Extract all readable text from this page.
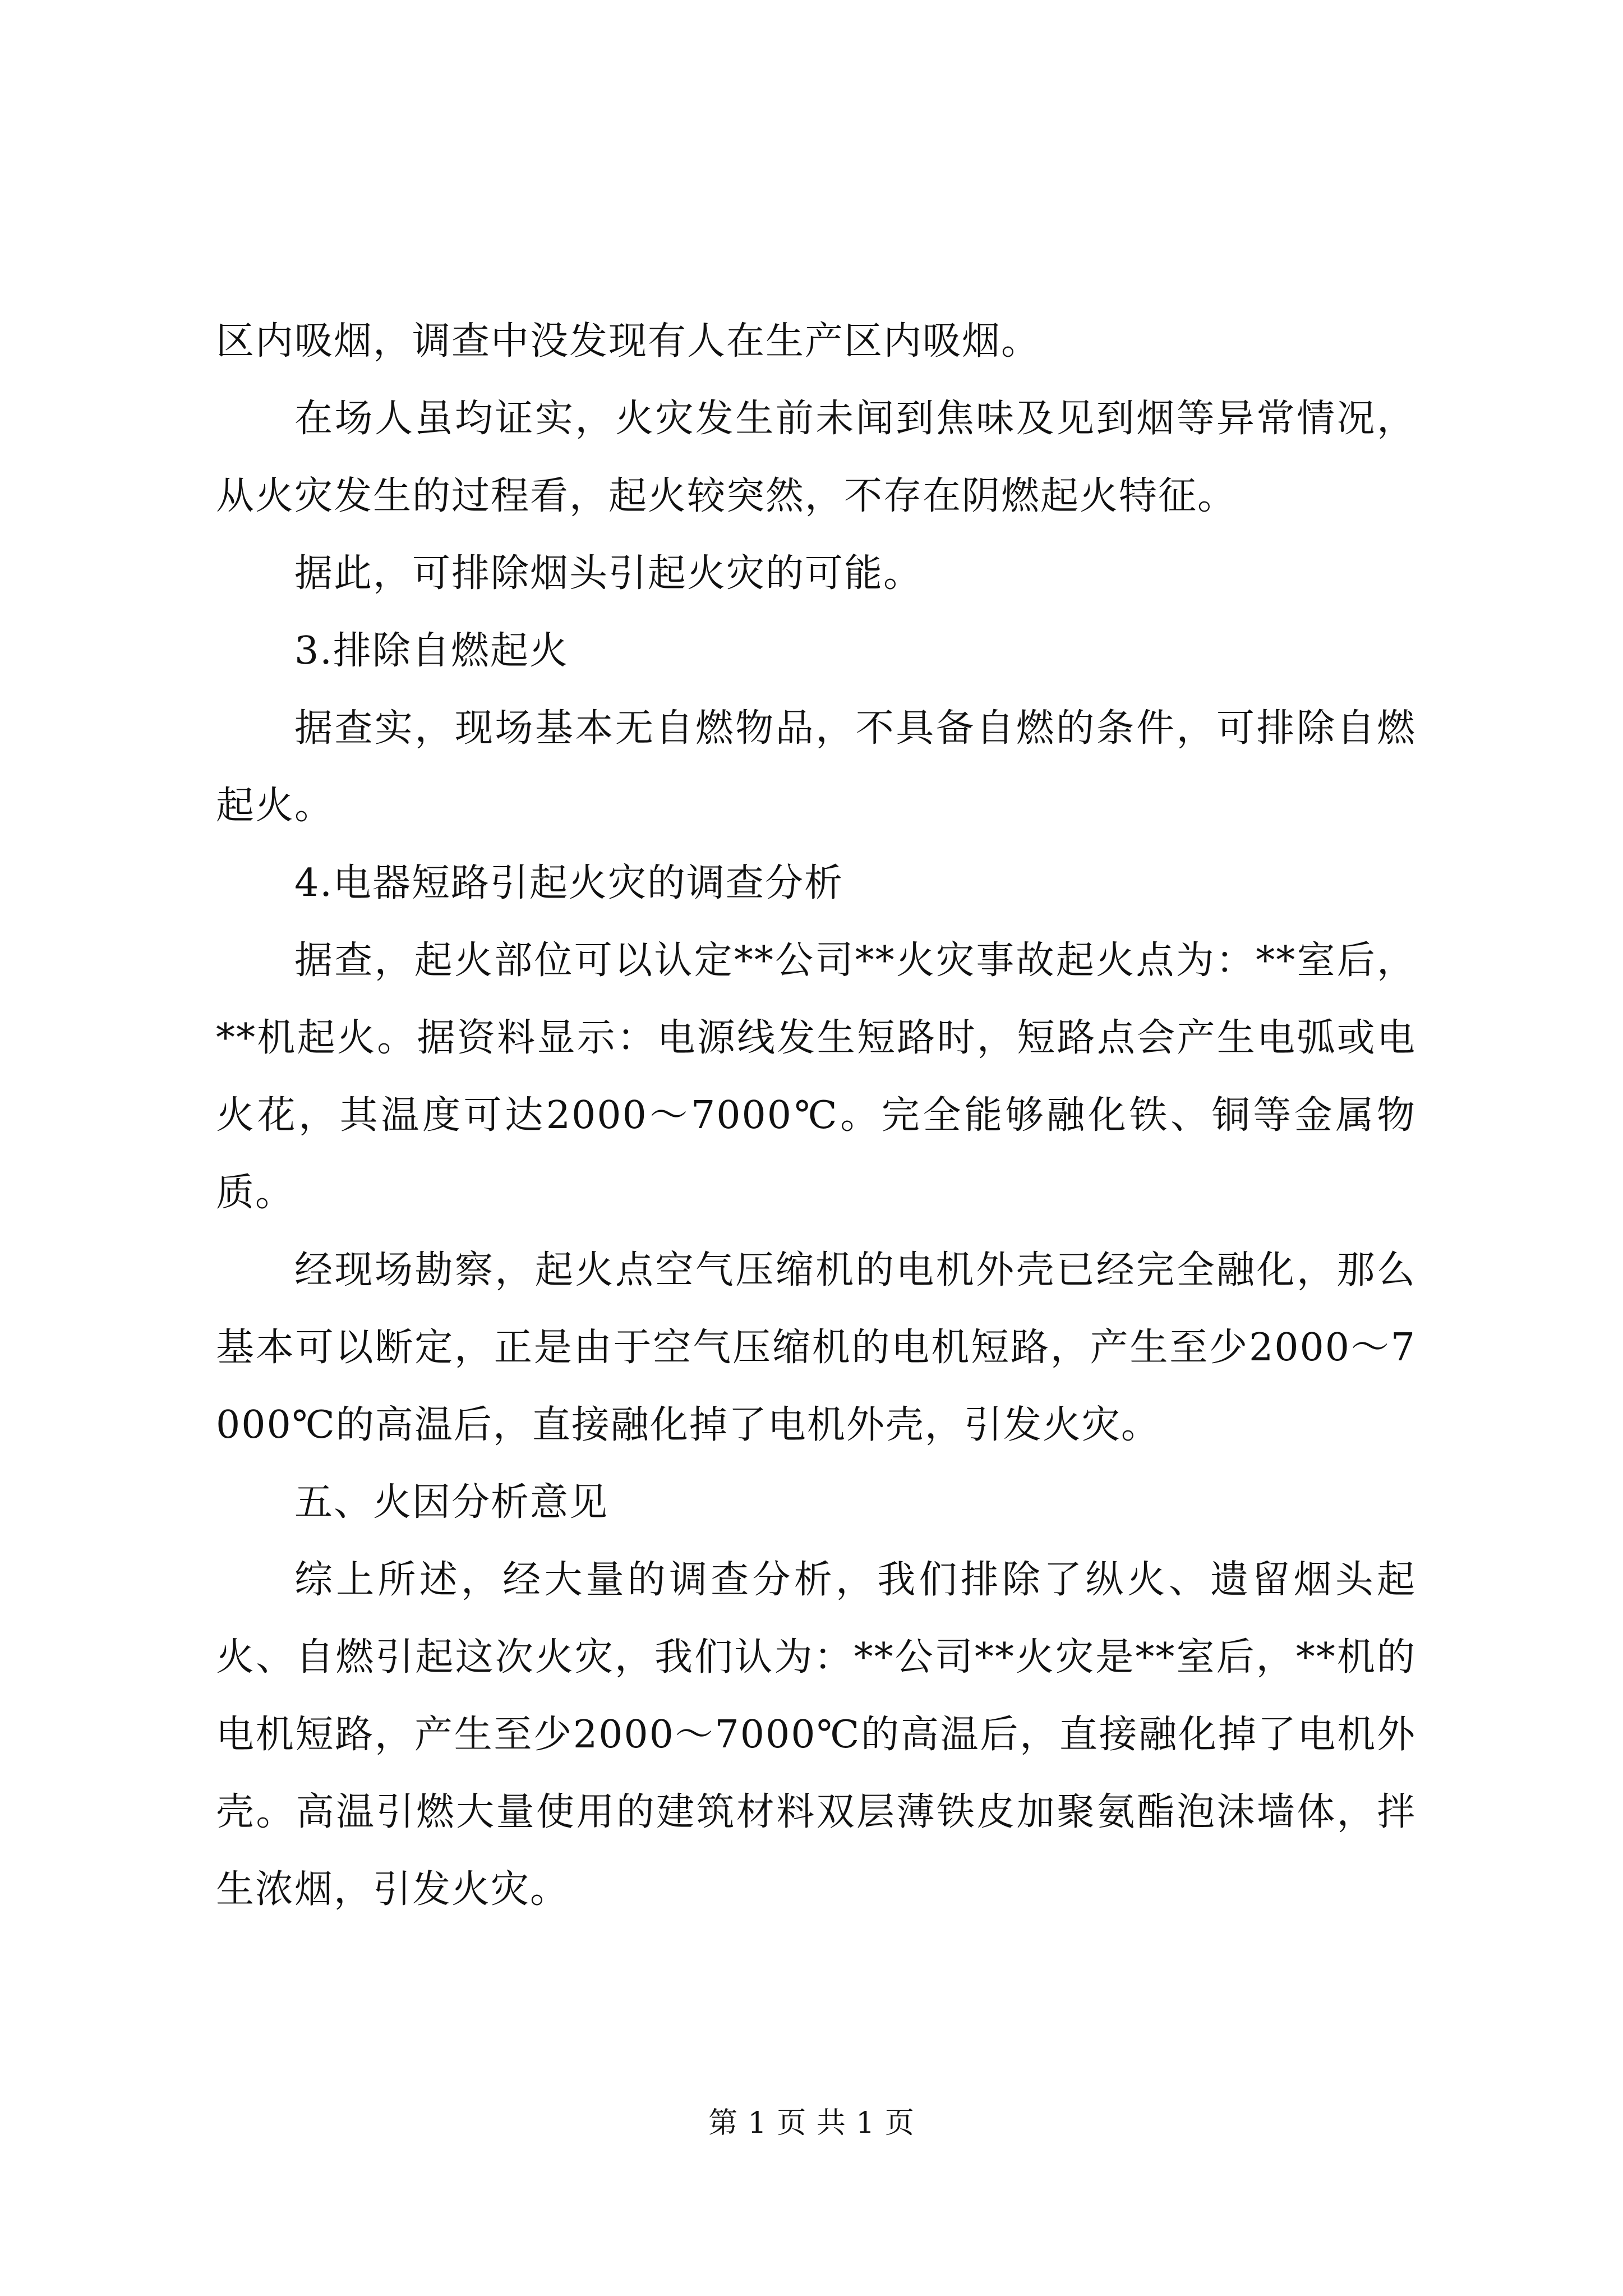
区内吸烟，调查中没发现有人在生产区内吸烟。

在场人虽均证实，火灾发生前未闻到焦味及见到烟等异常情况，从火灾发生的过程看，起火较突然，不存在阴燃起火特征。

据此，可排除烟头引起火灾的可能。

3.排除自燃起火

据查实，现场基本无自燃物品，不具备自燃的条件，可排除自燃起火。

4.电器短路引起火灾的调查分析

据查，起火部位可以认定**公司**火灾事故起火点为：**室后，**机起火。据资料显示：电源线发生短路时，短路点会产生电弧或电火花，其温度可达2000～7000℃。完全能够融化铁、铜等金属物质。

经现场勘察，起火点空气压缩机的电机外壳已经完全融化，那么基本可以断定，正是由于空气压缩机的电机短路，产生至少2000～7000℃的高温后，直接融化掉了电机外壳，引发火灾。

五、火因分析意见

综上所述，经大量的调查分析，我们排除了纵火、遗留烟头起火、自燃引起这次火灾，我们认为：**公司**火灾是**室后，**机的电机短路，产生至少2000～7000℃的高温后，直接融化掉了电机外壳。高温引燃大量使用的建筑材料双层薄铁皮加聚氨酯泡沫墙体，拌生浓烟，引发火灾。

第 1 页 共 1 页
